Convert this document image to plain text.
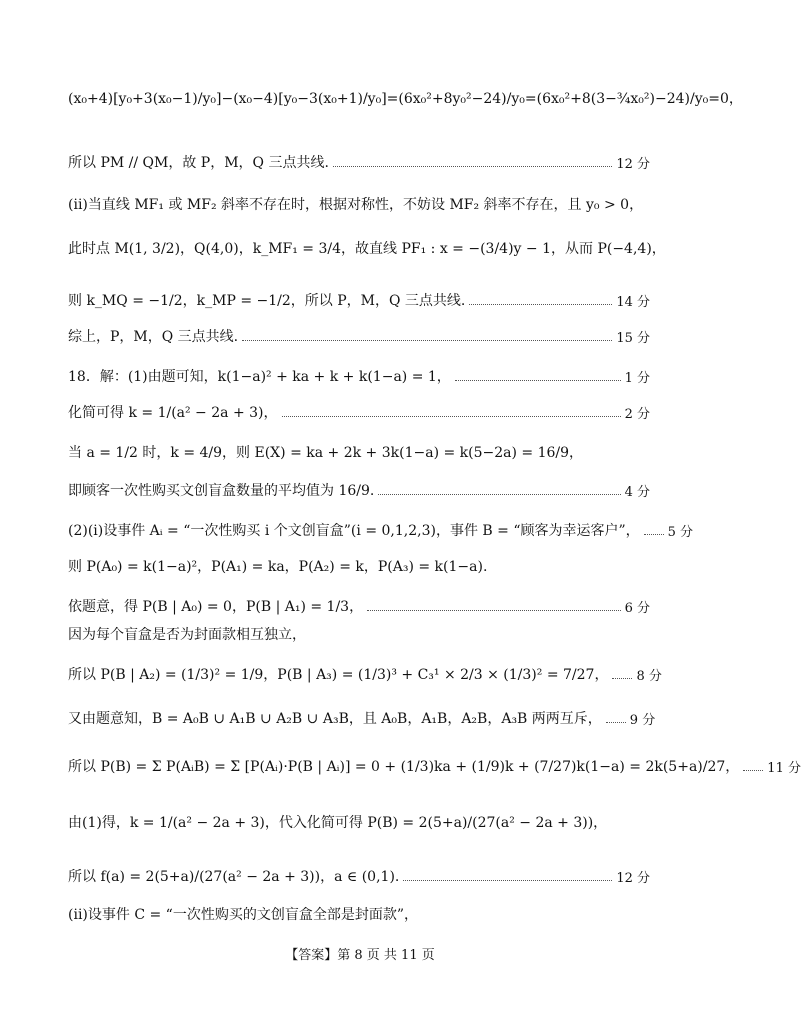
(x₀+4)[y₀+3(x₀−1)/y₀]−(x₀−4)[y₀−3(x₀+1)/y₀]=(6x₀²+8y₀²−24)/y₀=(6x₀²+8(3−¾x₀²)−24)/y₀=0，
所以 PM // QM，故 P，M，Q 三点共线.	12 分
(ii)当直线 MF₁ 或 MF₂ 斜率不存在时，根据对称性，不妨设 MF₂ 斜率不存在，且 y₀ > 0，
此时点 M(1, 3/2)，Q(4,0)，k_MF₁ = 3/4，故直线 PF₁ : x = −(3/4)y − 1，从而 P(−4,4)，
则 k_MQ = −1/2，k_MP = −1/2，所以 P，M，Q 三点共线.	14 分
综上，P，M，Q 三点共线.	15 分
18．解：(1)由题可知，k(1−a)² + ka + k + k(1−a) = 1，	1 分
化简可得 k = 1/(a² − 2a + 3)，	2 分
当 a = 1/2 时，k = 4/9，则 E(X) = ka + 2k + 3k(1−a) = k(5−2a) = 16/9，
即顾客一次性购买文创盲盒数量的平均值为 16/9.	4 分
(2)(i)设事件 Aᵢ = “一次性购买 i 个文创盲盒”(i = 0,1,2,3)，事件 B = “顾客为幸运客户”， 5 分
则 P(A₀) = k(1−a)²，P(A₁) = ka，P(A₂) = k，P(A₃) = k(1−a).
依题意，得 P(B | A₀) = 0，P(B | A₁) = 1/3，	6 分
因为每个盲盒是否为封面款相互独立，
所以 P(B | A₂) = (1/3)² = 1/9，P(B | A₃) = (1/3)³ + C₃¹ × 2/3 × (1/3)² = 7/27， 8 分
又由题意知，B = A₀B ∪ A₁B ∪ A₂B ∪ A₃B，且 A₀B，A₁B，A₂B，A₃B 两两互斥， 9 分
所以 P(B) = Σ P(AᵢB) = Σ [P(Aᵢ)·P(B | Aᵢ)] = 0 + (1/3)ka + (1/9)k + (7/27)k(1−a) = 2k(5+a)/27， 11 分
由(1)得，k = 1/(a² − 2a + 3)，代入化简可得 P(B) = 2(5+a)/(27(a² − 2a + 3))，
所以 f(a) = 2(5+a)/(27(a² − 2a + 3))，a ∈ (0,1).	12 分
(ii)设事件 C = “一次性购买的文创盲盒全部是封面款”，
【答案】第 8 页 共 11 页
